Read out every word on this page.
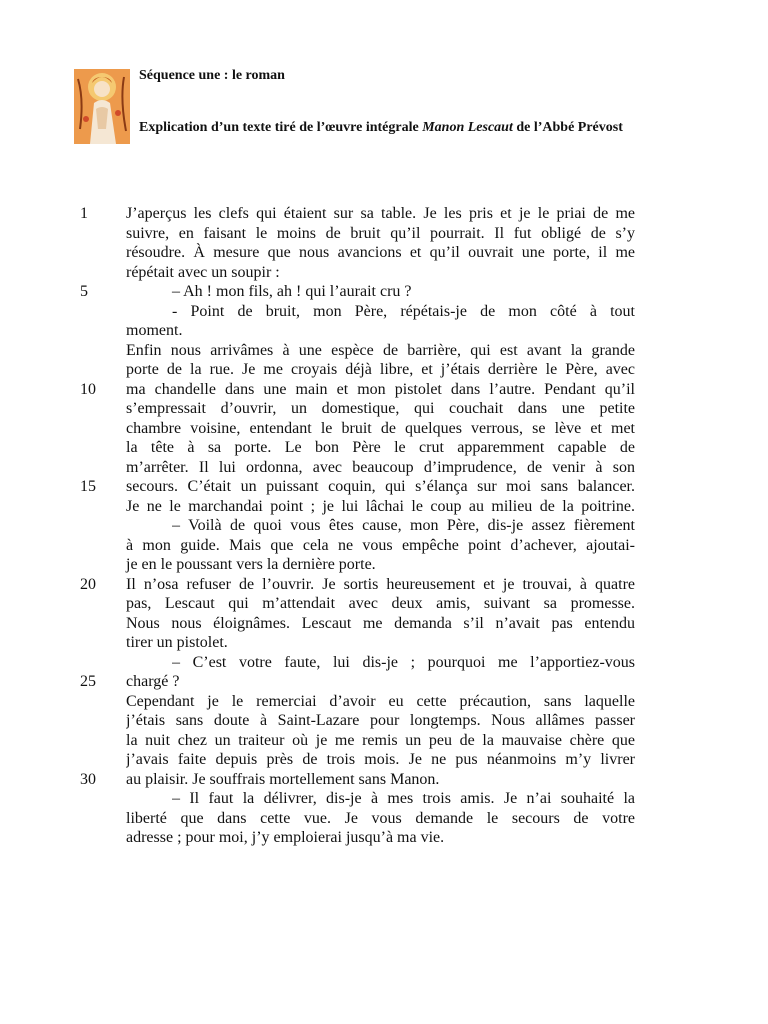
Séquence une : le roman
Explication d’un texte tiré de l’œuvre intégrale Manon Lescaut de l’Abbé Prévost
1	J’aperçus les clefs qui étaient sur sa table. Je les pris et je le priai de me
suivre, en faisant le moins de bruit qu’il pourrait. Il fut obligé de s’y
résoudre. À mesure que nous avancions et qu’il ouvrait une porte, il me
répétait avec un soupir :
5	– Ah ! mon fils, ah ! qui l’aurait cru ?
- Point de bruit, mon Père, répétais-je de mon côté à tout
moment.
Enfin nous arrivâmes à une espèce de barrière, qui est avant la grande
porte de la rue. Je me croyais déjà libre, et j’étais derrière le Père, avec
10	ma chandelle dans une main et mon pistolet dans l’autre. Pendant qu’il
s’empressait d’ouvrir, un domestique, qui couchait dans une petite
chambre voisine, entendant le bruit de quelques verrous, se lève et met
la tête à sa porte. Le bon Père le crut apparemment capable de
m’arrêter. Il lui ordonna, avec beaucoup d’imprudence, de venir à son
15	secours. C’était un puissant coquin, qui s’élança sur moi sans balancer.
Je ne le marchandai point ; je lui lâchai le coup au milieu de la poitrine.
– Voilà de quoi vous êtes cause, mon Père, dis-je assez fièrement
à mon guide. Mais que cela ne vous empêche point d’achever, ajoutai-
je en le poussant vers la dernière porte.
20	Il n’osa refuser de l’ouvrir. Je sortis heureusement et je trouvai, à quatre
pas, Lescaut qui m’attendait avec deux amis, suivant sa promesse.
Nous nous éloignâmes. Lescaut me demanda s’il n’avait pas entendu
tirer un pistolet.
– C’est votre faute, lui dis-je ; pourquoi me l’apportiez-vous
25	chargé ?
Cependant je le remerciai d’avoir eu cette précaution, sans laquelle
j’étais sans doute à Saint-Lazare pour longtemps. Nous allâmes passer
la nuit chez un traiteur où je me remis un peu de la mauvaise chère que
j’avais faite depuis près de trois mois. Je ne pus néanmoins m’y livrer
30	au plaisir. Je souffrais mortellement sans Manon.
– Il faut la délivrer, dis-je à mes trois amis. Je n’ai souhaité la
liberté que dans cette vue. Je vous demande le secours de votre
adresse ; pour moi, j’y emploierai jusqu’à ma vie.
